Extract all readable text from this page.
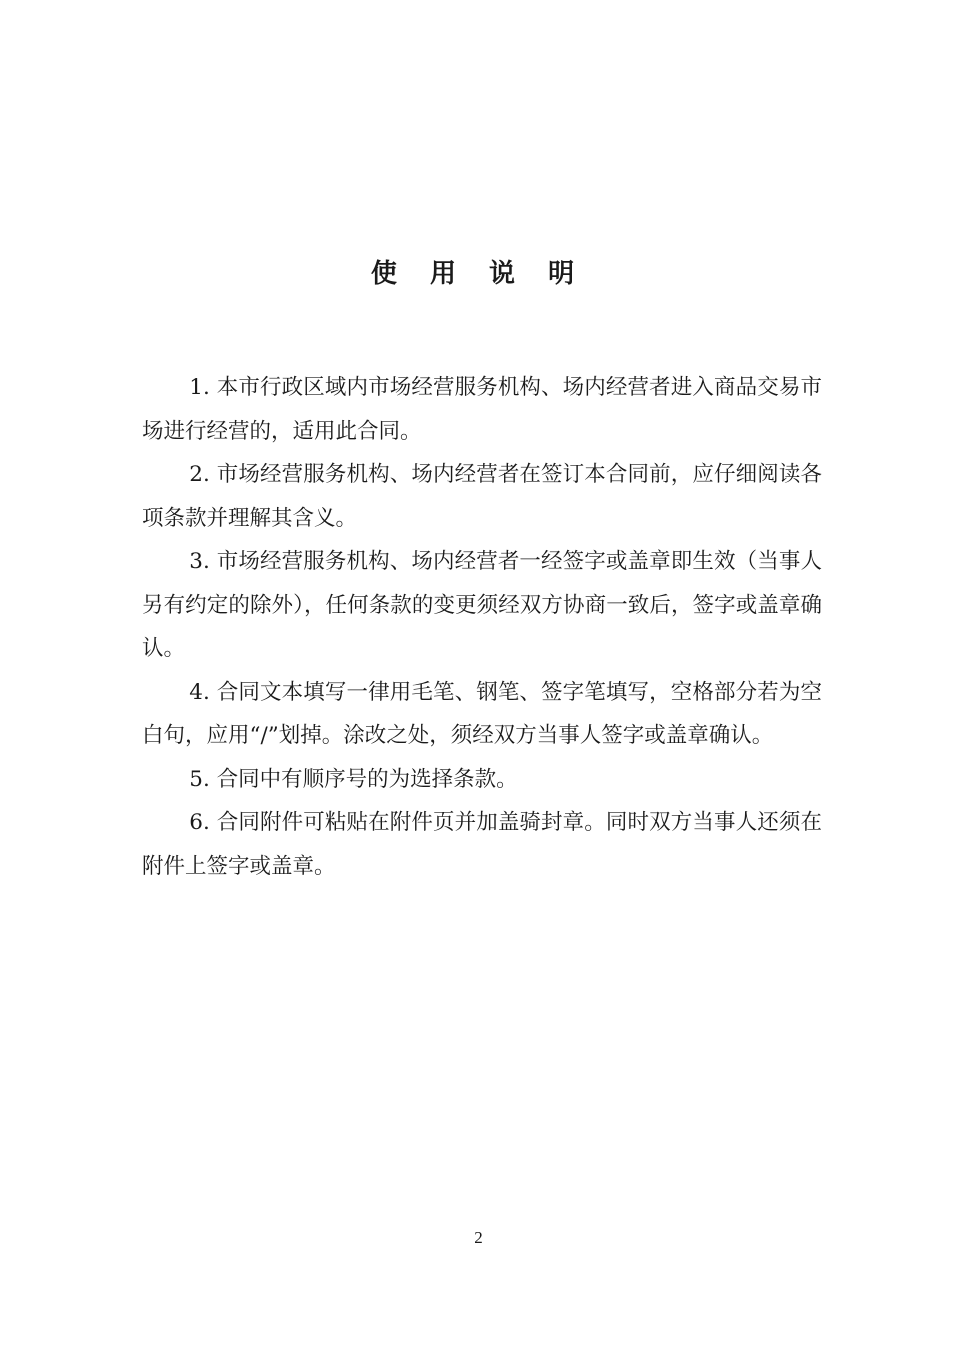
使 用 说 明

1. 本市行政区域内市场经营服务机构、场内经营者进入商品交易市场进行经营的，适用此合同。

2. 市场经营服务机构、场内经营者在签订本合同前，应仔细阅读各项条款并理解其含义。

3. 市场经营服务机构、场内经营者一经签字或盖章即生效（当事人另有约定的除外），任何条款的变更须经双方协商一致后，签字或盖章确认。

4. 合同文本填写一律用毛笔、钢笔、签字笔填写，空格部分若为空白句，应用“/”划掉。涂改之处，须经双方当事人签字或盖章确认。

5. 合同中有顺序号的为选择条款。

6. 合同附件可粘贴在附件页并加盖骑封章。同时双方当事人还须在附件上签字或盖章。

2
